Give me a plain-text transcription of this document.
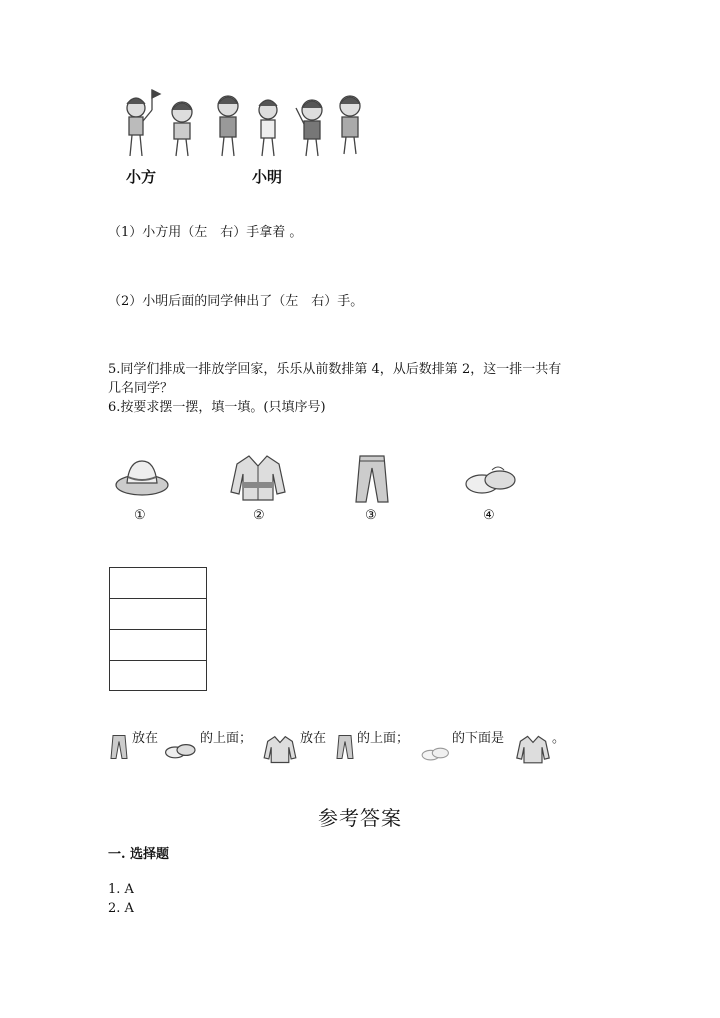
小方	小明
（1）小方用（左　右）手拿着 。
（2）小明后面的同学伸出了（左　右）手。
5.同学们排成一排放学回家，乐乐从前数排第 4，从后数排第 2，这一排一共有
几名同学？
6.按要求摆一摆，填一填。(只填序号)
①	②	③	④
放在	的上面；	放在 的上面；	的下面是	。
参考答案
一. 选择题
1. A
2. A
